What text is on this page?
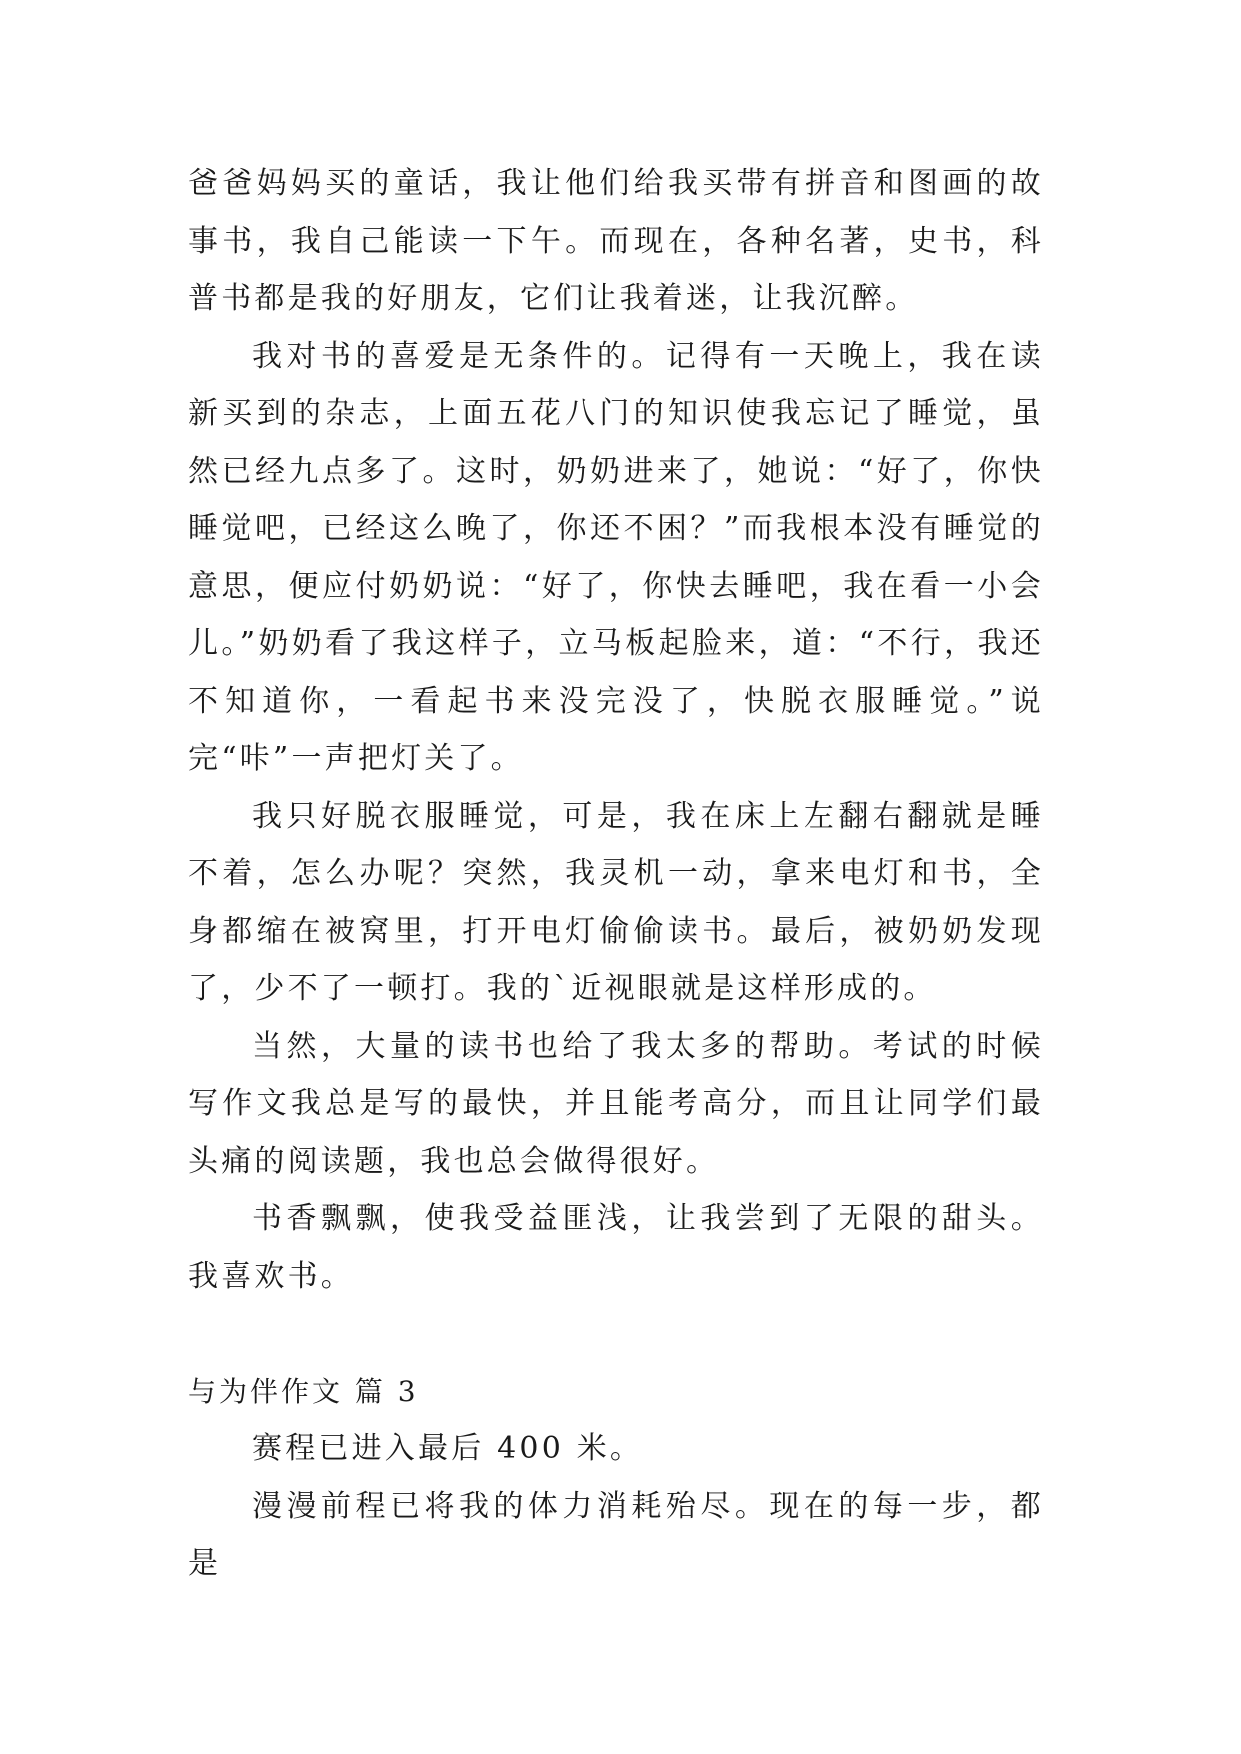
爸爸妈妈买的童话，我让他们给我买带有拼音和图画的故事书，我自己能读一下午。而现在，各种名著，史书，科普书都是我的好朋友，它们让我着迷，让我沉醉。

我对书的喜爱是无条件的。记得有一天晚上，我在读新买到的杂志，上面五花八门的知识使我忘记了睡觉，虽然已经九点多了。这时，奶奶进来了，她说：“好了，你快睡觉吧，已经这么晚了，你还不困？”而我根本没有睡觉的意思，便应付奶奶说：“好了，你快去睡吧，我在看一小会儿。”奶奶看了我这样子，立马板起脸来，道：“不行，我还不知道你，一看起书来没完没了，快脱衣服睡觉。”说完“咔”一声把灯关了。

我只好脱衣服睡觉，可是，我在床上左翻右翻就是睡不着，怎么办呢？突然，我灵机一动，拿来电灯和书，全身都缩在被窝里，打开电灯偷偷读书。最后，被奶奶发现了，少不了一顿打。我的`近视眼就是这样形成的。

当然，大量的读书也给了我太多的帮助。考试的时候写作文我总是写的最快，并且能考高分，而且让同学们最头痛的阅读题，我也总会做得很好。

书香飘飘，使我受益匪浅，让我尝到了无限的甜头。我喜欢书。

与为伴作文 篇 3

赛程已进入最后 400 米。

漫漫前程已将我的体力消耗殆尽。现在的每一步，都是
